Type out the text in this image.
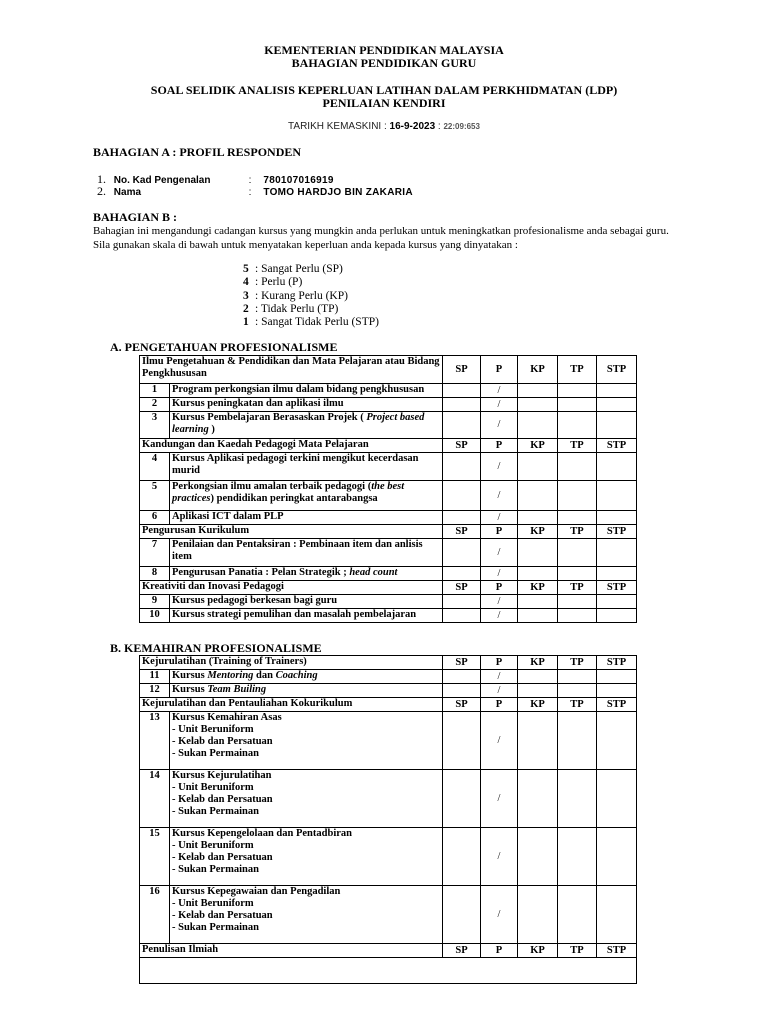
KEMENTERIAN PENDIDIKAN MALAYSIA
BAHAGIAN PENDIDIKAN GURU
SOAL SELIDIK ANALISIS KEPERLUAN LATIHAN DALAM PERKHIDMATAN (LDP)
PENILAIAN KENDIRI
TARIKH KEMASKINI : 16-9-2023 : 22:09:653
BAHAGIAN A : PROFIL RESPONDEN
1. No. Kad Pengenalan	: 780107016919
2. Nama	: TOMO HARDJO BIN ZAKARIA
BAHAGIAN B :
Bahagian ini mengandungi cadangan kursus yang mungkin anda perlukan untuk meningkatkan profesionalisme anda sebagai guru. Sila gunakan skala di bawah untuk menyatakan keperluan anda kepada kursus yang dinyatakan :
5 : Sangat Perlu (SP)
4 : Perlu (P)
3 : Kurang Perlu (KP)
2 : Tidak Perlu (TP)
1 : Sangat Tidak Perlu (STP)
A. PENGETAHUAN PROFESIONALISME
Ilmu Pengetahuan & Pendidikan dan Mata Pelajaran atau Bidang Pengkhususan		SP	P	KP	TP	STP
1	Program perkongsian ilmu dalam bidang pengkhususan		/			
2	Kursus peningkatan dan aplikasi ilmu		/			
3	Kursus Pembelajaran Berasaskan Projek ( Project based learning )		/			
Kandungan dan Kaedah Pedagogi Mata Pelajaran		SP	P	KP	TP	STP
4	Kursus Aplikasi pedagogi terkini mengikut kecerdasan murid		/			
5	Perkongsian ilmu amalan terbaik pedagogi (the best practices) pendidikan peringkat antarabangsa		/			
6	Aplikasi ICT dalam PLP		/			
Pengurusan Kurikulum		SP	P	KP	TP	STP
7	Penilaian dan Pentaksiran : Pembinaan item dan anlisis item		/			
8	Pengurusan Panatia : Pelan Strategik ; head count		/			
Kreativiti dan Inovasi Pedagogi		SP	P	KP	TP	STP
9	Kursus pedagogi berkesan bagi guru		/			
10	Kursus strategi pemulihan dan masalah pembelajaran		/			
B. KEMAHIRAN PROFESIONALISME
Kejurulatihan (Training of Trainers)		SP	P	KP	TP	STP
11	Kursus Mentoring dan Coaching		/			
12	Kursus Team Builing		/			
Kejurulatihan dan Pentauliahan Kokurikulum		SP	P	KP	TP	STP
13	Kursus Kemahiran Asas
- Unit Beruniform
- Kelab dan Persatuan
- Sukan Permainan		/			
14	Kursus Kejurulatihan
- Unit Beruniform
- Kelab dan Persatuan
- Sukan Permainan		/			
15	Kursus Kepengelolaan dan Pentadbiran
- Unit Beruniform
- Kelab dan Persatuan
- Sukan Permainan		/			
16	Kursus Kepegawaian dan Pengadilan
- Unit Beruniform
- Kelab dan Persatuan
- Sukan Permainan		/			
Penulisan Ilmiah		SP	P	KP	TP	STP
